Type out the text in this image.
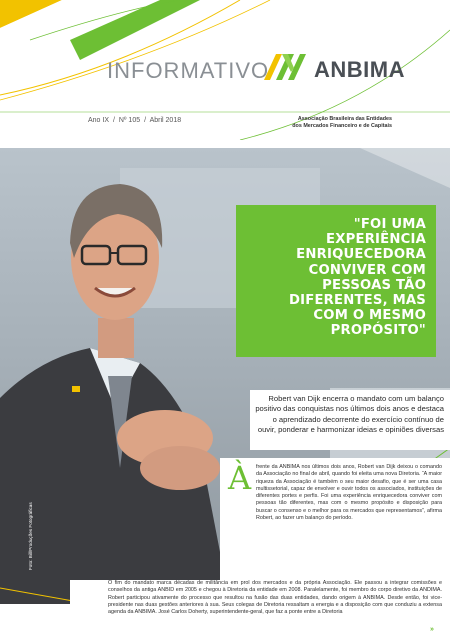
INFORMATIVO ANBIMA
Ano IX / Nº 105 / Abril 2018	Associação Brasileira das Entidades
dos Mercados Financeiro e de Capitais
Foto: Bill/Produções Fotográficas
"FOI UMA EXPERIÊNCIA ENRIQUECEDORA CONVIVER COM PESSOAS TÃO DIFERENTES, MAS COM O MESMO PROPÓSITO"
Robert van Dijk encerra o mandato com um balanço positivo das conquistas nos últimos dois anos e destaca o aprendizado decorrente do exercício contínuo de ouvir, ponderar e harmonizar ideias e opiniões diversas
À frente da ANBIMA nos últimos dois anos, Robert van Dijk deixou o comando da Associação no final de abril, quando foi eleita uma nova Diretoria. “A maior riqueza da Associação é também o seu maior desafio, que é ser uma casa multissetorial, capaz de envolver e ouvir todos os associados, instituições de diferentes portes e perfis. Foi uma experiência enriquecedora conviver com pessoas tão diferentes, mas com o mesmo propósito e disposição para buscar o consenso e o melhor para os mercados que representamos”, afirma Robert, ao fazer um balanço do período.
O fim do mandato marca décadas de militância em prol dos mercados e da própria Associação. Ele passou a integrar comissões e conselhos da antiga ANBID em 2005 e chegou à Diretoria da entidade em 2008. Paralelamente, foi membro do corpo diretivo da ANDIMA. Robert participou ativamente do processo que resultou na fusão das duas entidades, dando origem à ANBIMA. Desde então, foi vice-presidente nas duas gestões anteriores à sua. Seus colegas de Diretoria ressaltam a energia e a disposição com que conduziu a extensa agenda da ANBIMA. José Carlos Doherty, superintendente-geral, que faz a ponte entre a Diretoria
»
